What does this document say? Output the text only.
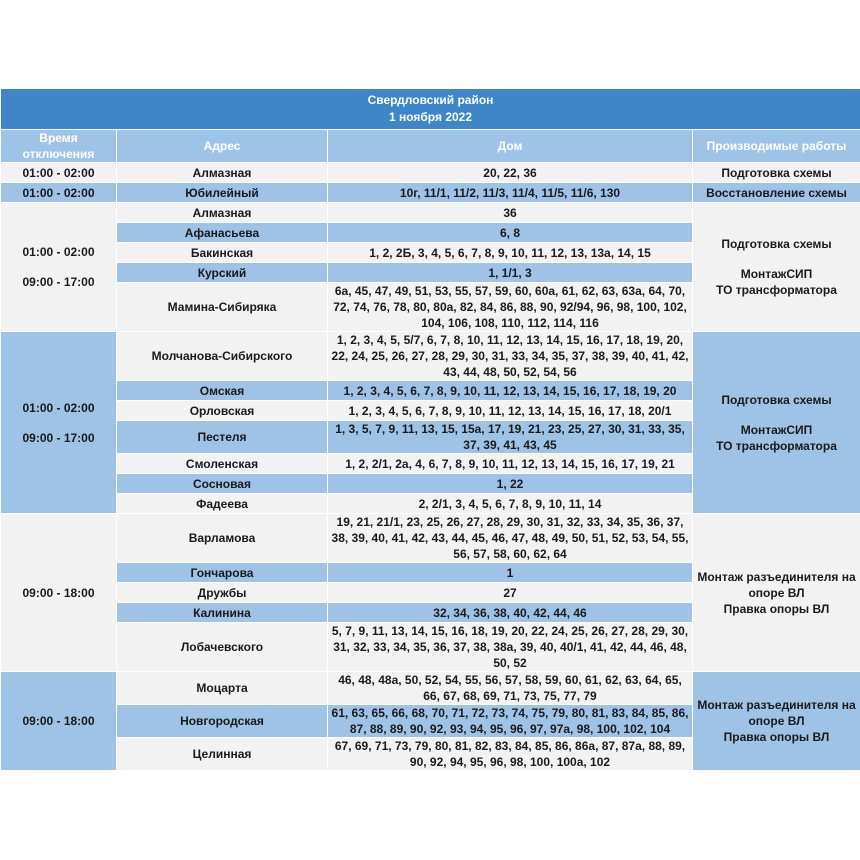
Свердловский район
1 ноября 2022			

Время отключения	Адрес	Дом	Производимые работы
01:00 - 02:00	Алмазная	20, 22, 36	Подготовка схемы
01:00 - 02:00	Юбилейный	10г, 11/1, 11/2, 11/3, 11/4, 11/5, 11/6, 130	Восстановление схемы

01:00 - 02:00
09:00 - 17:00	Алмазная	36	Подготовка схемы
МонтажСИП
ТО трансформатора

	Афанасьева	6, 8	
	Бакинская	1, 2, 2Б, 3, 4, 5, 6, 7, 8, 9, 10, 11, 12, 13, 13а, 14, 15	
	Курский	1, 1/1, 3	
	Мамина-Сибиряка	6а, 45, 47, 49, 51, 53, 55, 57, 59, 60, 60а, 61, 62, 63, 63а, 64, 70, 72, 74, 76, 78, 80, 80а, 82, 84, 86, 88, 90, 92/94, 96, 98, 100, 102, 104, 106, 108, 110, 112, 114, 116	

01:00 - 02:00
09:00 - 17:00	Молчанова-Сибирского	1, 2, 3, 4, 5, 5/7, 6, 7, 8, 10, 11, 12, 13, 14, 15, 16, 17, 18, 19, 20, 22, 24, 25, 26, 27, 28, 29, 30, 31, 33, 34, 35, 37, 38, 39, 40, 41, 42, 43, 44, 48, 50, 52, 54, 56	Подготовка схемы
МонтажСИП
ТО трансформатора

	Омская	1, 2, 3, 4, 5, 6, 7, 8, 9, 10, 11, 12, 13, 14, 15, 16, 17, 18, 19, 20	
	Орловская	1, 2, 3, 4, 5, 6, 7, 8, 9, 10, 11, 12, 13, 14, 15, 16, 17, 18, 20/1	
	Пестеля	1, 3, 5, 7, 9, 11, 13, 15, 15а, 17, 19, 21, 23, 25, 27, 30, 31, 33, 35, 37, 39, 41, 43, 45	
	Смоленская	1, 2, 2/1, 2а, 4, 6, 7, 8, 9, 10, 11, 12, 13, 14, 15, 16, 17, 19, 21	
	Сосновая	1, 22	
	Фадеева	2, 2/1, 3, 4, 5, 6, 7, 8, 9, 10, 11, 14	

09:00 - 18:00	Варламова	19, 21, 21/1, 23, 25, 26, 27, 28, 29, 30, 31, 32, 33, 34, 35, 36, 37, 38, 39, 40, 41, 42, 43, 44, 45, 46, 47, 48, 49, 50, 51, 52, 53, 54, 55, 56, 57, 58, 60, 62, 64	Монтаж разъединителя на опоре ВЛ
Правка опоры ВЛ

	Гончарова	1	
	Дружбы	27	
	Калинина	32, 34, 36, 38, 40, 42, 44, 46	
	Лобачевского	5, 7, 9, 11, 13, 14, 15, 16, 18, 19, 20, 22, 24, 25, 26, 27, 28, 29, 30, 31, 32, 33, 34, 35, 36, 37, 38, 38а, 39, 40, 40/1, 41, 42, 44, 46, 48, 50, 52	

09:00 - 18:00	Моцарта	46, 48, 48а, 50, 52, 54, 55, 56, 57, 58, 59, 60, 61, 62, 63, 64, 65, 66, 67, 68, 69, 71, 73, 75, 77, 79	Монтаж разъединителя на опоре ВЛ
Правка опоры ВЛ

	Новгородская	61, 63, 65, 66, 68, 70, 71, 72, 73, 74, 75, 79, 80, 81, 83, 84, 85, 86, 87, 88, 89, 90, 92, 93, 94, 95, 96, 97, 97а, 98, 100, 102, 104	
	Целинная	67, 69, 71, 73, 79, 80, 81, 82, 83, 84, 85, 86, 86а, 87, 87а, 88, 89, 90, 92, 94, 95, 96, 98, 100, 100а, 102	
